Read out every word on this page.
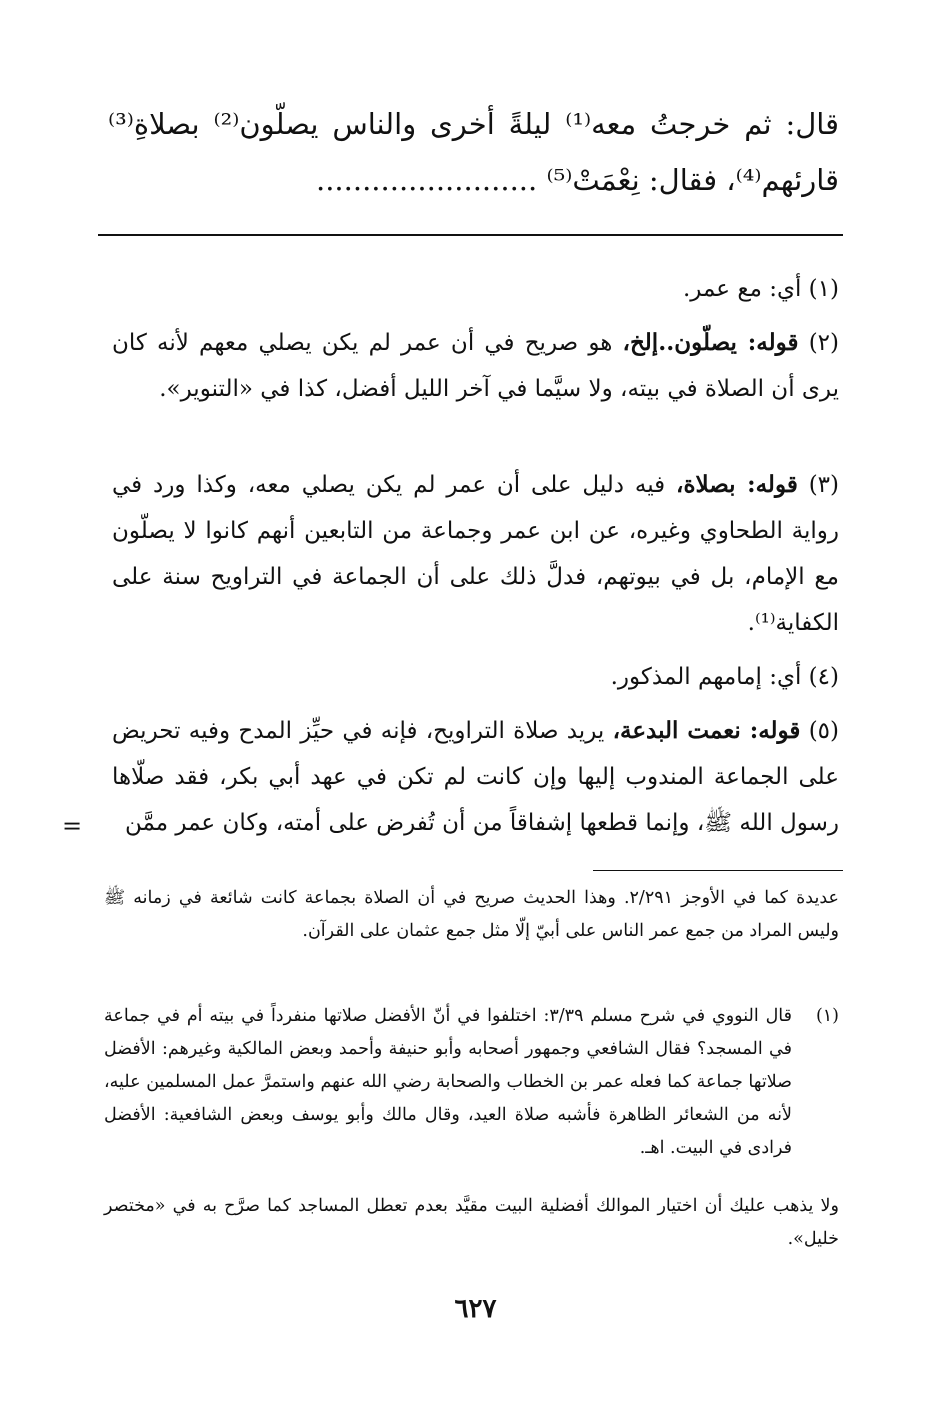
قال: ثم خرجتُ معه⁽¹⁾ ليلةً أخرى والناس يصلّون⁽²⁾ بصلاةِ⁽³⁾
قارئهم⁽⁴⁾، فقال: نِعْمَتْ⁽⁵⁾ ........................
(١) أي: مع عمر.
(٢) قوله: يصلّون..إلخ، هو صريح في أن عمر لم يكن يصلي معهم لأنه كان يرى أن الصلاة في بيته، ولا سيَّما في آخر الليل أفضل، كذا في «التنوير».
(٣) قوله: بصلاة، فيه دليل على أن عمر لم يكن يصلي معه، وكذا ورد في رواية الطحاوي وغيره، عن ابن عمر وجماعة من التابعين أنهم كانوا لا يصلّون مع الإمام، بل في بيوتهم، فدلَّ ذلك على أن الجماعة في التراويح سنة على الكفاية⁽¹⁾.
(٤) أي: إمامهم المذكور.
(٥) قوله: نعمت البدعة، يريد صلاة التراويح، فإنه في حيِّز المدح وفيه تحريض على الجماعة المندوب إليها وإن كانت لم تكن في عهد أبي بكر، فقد صلّاها رسول الله ﷺ، وإنما قطعها إشفاقاً من أن تُفرض على أمته، وكان عمر ممَّن
=
عديدة كما في الأوجز ٢/٢٩١. وهذا الحديث صريح في أن الصلاة بجماعة كانت شائعة في زمانه ﷺ وليس المراد من جمع عمر الناس على أبيّ إلّا مثل جمع عثمان على القرآن.
(١)
قال النووي في شرح مسلم ٣/٣٩: اختلفوا في أنّ الأفضل صلاتها منفرداً في بيته أم في جماعة في المسجد؟ فقال الشافعي وجمهور أصحابه وأبو حنيفة وأحمد وبعض المالكية وغيرهم: الأفضل صلاتها جماعة كما فعله عمر بن الخطاب والصحابة رضي الله عنهم واستمرَّ عمل المسلمين عليه، لأنه من الشعائر الظاهرة فأشبه صلاة العيد، وقال مالك وأبو يوسف وبعض الشافعية: الأفضل فرادى في البيت. اهـ.
ولا يذهب عليك أن اختيار الموالك أفضلية البيت مقيَّد بعدم تعطل المساجد كما صرَّح به في «مختصر خليل».
٦٢٧
